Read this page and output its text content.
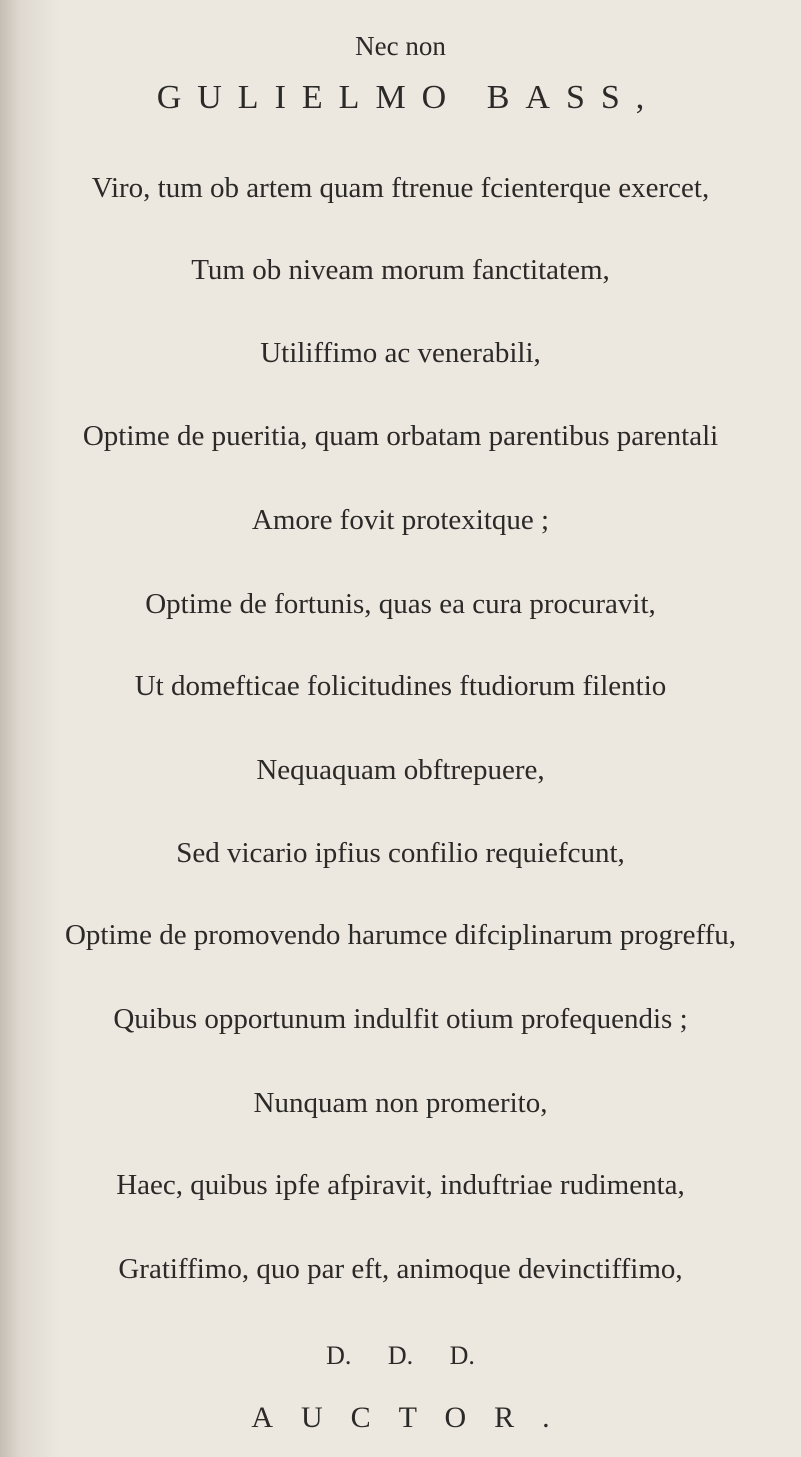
Nec non
GULIELMO BASS,
Viro, tum ob artem quam ftrenue fcienterque exercet,
Tum ob niveam morum fanctitatem,
Utiliffimo ac venerabili,
Optime de pueritia, quam orbatam parentibus parentali
Amore fovit protexitque ;
Optime de fortunis, quas ea cura procuravit,
Ut domefticae folicitudines ftudiorum filentio
Nequaquam obftrepuere,
Sed vicario ipfius confilio requiefcunt,
Optime de promovendo harumce difciplinarum progreffu,
Quibus opportunum indulfit otium profequendis ;
Nunquam non promerito,
Haec, quibus ipfe afpiravit, induftriae rudimenta,
Gratiffimo, quo par eft, animoque devinctiffimo,
D. D. D.
AUCTOR.
